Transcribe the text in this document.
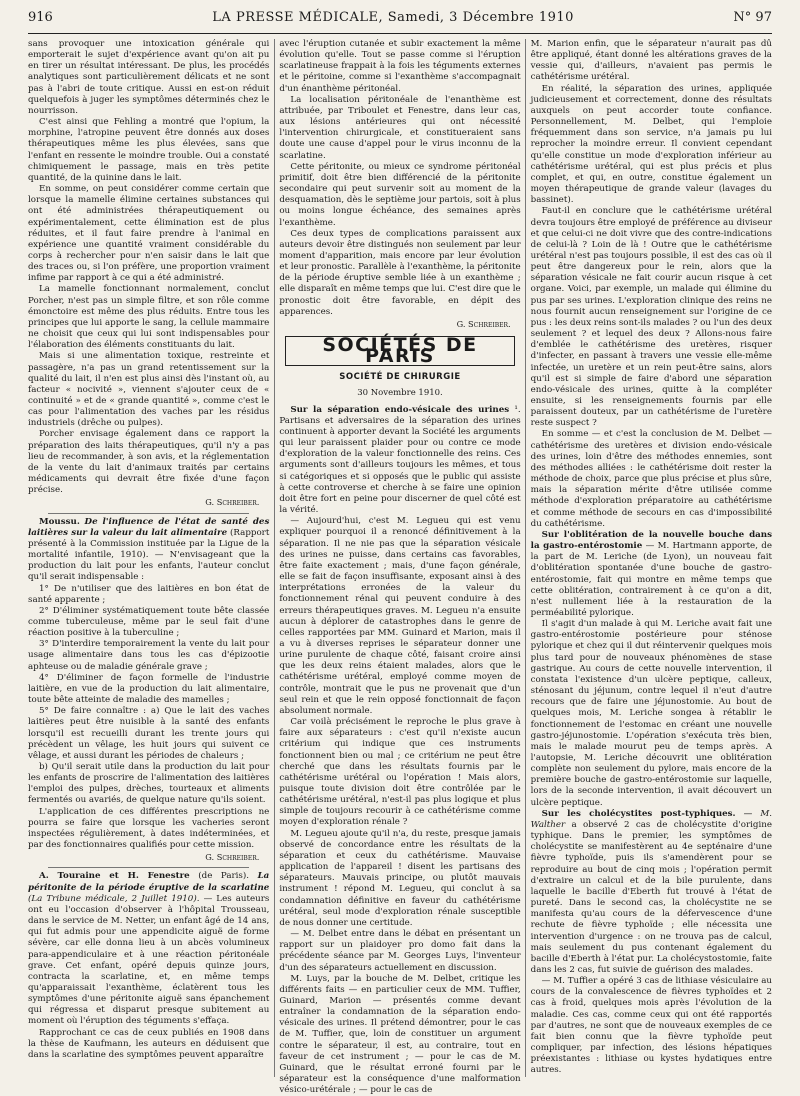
916	LA PRESSE MÉDICALE, Samedi, 3 Décembre 1910	N° 97

sans provoquer une intoxication générale qui emporterait le sujet d'expérience avant qu'on ait pu en tirer un résultat intéressant. De plus, les procédés analytiques sont particulièrement délicats et ne sont pas à l'abri de toute critique. Aussi en est-on réduit quelquefois à juger les symptômes déterminés chez le nourrisson.

C'est ainsi que Fehling a montré que l'opium, la morphine, l'atropine peuvent être donnés aux doses thérapeutiques même les plus élevées, sans que l'enfant en ressente le moindre trouble. Oui a constaté chimiquement le passage, mais en très petite quantité, de la quinine dans le lait.

En somme, on peut considérer comme certain que lorsque la mamelle élimine certaines substances qui ont été administrées thérapeutiquement ou expérimentalement, cette élimination est de plus réduites, et il faut faire prendre à l'animal en expérience une quantité vraiment considérable du corps à rechercher pour n'en saisir dans le lait que des traces ou, si l'on préfère, une proportion vraiment infime par rapport à ce qui a été administré.

La mamelle fonctionnant normalement, conclut Porcher, n'est pas un simple filtre, et son rôle comme émonctoire est même des plus réduits. Entre tous les principes que lui apporte le sang, la cellule mammaire ne choisit que ceux qui lui sont indispensables pour l'élaboration des éléments constituants du lait.

Mais si une alimentation toxique, restreinte et passagère, n'a pas un grand retentissement sur la qualité du lait, il n'en est plus ainsi dès l'instant où, au facteur « nocivité », viennent s'ajouter ceux de « continuité » et de « grande quantité », comme c'est le cas pour l'alimentation des vaches par les résidus industriels (drêche ou pulpes).

Porcher envisage également dans ce rapport la préparation des laits thérapeutiques, qu'il n'y a pas lieu de recommander, à son avis, et la réglementation de la vente du lait d'animaux traités par certains médicaments qui devrait être fixée d'une façon précise.

G. Schreiber.

Moussu. De l'influence de l'état de santé des laitières sur la valeur du lait alimentaire (Rapport présenté à la Commission instituée par la Ligue de la mortalité infantile, 1910). — N'envisageant que la production du lait pour les enfants, l'auteur conclut qu'il serait indispensable :

1° De n'utiliser que des laitières en bon état de santé apparente ;

2° D'éliminer systématiquement toute bête classée comme tuberculeuse, même par le seul fait d'une réaction positive à la tuberculine ;

3° D'interdire temporairement la vente du lait pour usage alimentaire dans tous les cas d'épizootie aphteuse ou de maladie générale grave ;

4° D'éliminer de façon formelle de l'industrie laitière, en vue de la production du lait alimentaire, toute bête atteinte de maladie des mamelles ;

5° De faire connaître : a) Que le lait des vaches laitières peut être nuisible à la santé des enfants lorsqu'il est recueilli durant les trente jours qui précèdent un vêlage, les huit jours qui suivent ce vêlage, et aussi durant les périodes de chaleurs ;

b) Qu'il serait utile dans la production du lait pour les enfants de proscrire de l'alimentation des laitières l'emploi des pulpes, drèches, tourteaux et aliments fermentés ou avariés, de quelque nature qu'ils soient.

L'application de ces différentes prescriptions ne pourra se faire que lorsque les vacheries seront inspectées régulièrement, à dates indéterminées, et par des fonctionnaires qualifiés pour cette mission.

G. Schreiber.

A. Touraine et H. Fenestre (de Paris). La péritonite de la période éruptive de la scarlatine (La Tribune médicale, 2 Juillet 1910). — Les auteurs ont eu l'occasion d'observer à l'hôpital Trousseau, dans le service de M. Netter, un enfant âgé de 14 ans, qui fut admis pour une appendicite aiguë de forme sévère, car elle donna lieu à un abcès volumineux para-appendiculaire et à une réaction péritonéale grave. Cet enfant, opéré depuis quinze jours, contracta la scarlatine, et, en même temps qu'apparaissait l'exanthème, éclatèrent tous les symptômes d'une péritonite aiguë sans épanchement qui régressa et disparut presque subitement au moment où l'éruption des téguments s'effaça.

Rapprochant ce cas de ceux publiés en 1908 dans la thèse de Kaufmann, les auteurs en déduisent que dans la scarlatine des symptômes peuvent apparaître

avec l'éruption cutanée et subir exactement la même évolution qu'elle. Tout se passe comme si l'éruption scarlatineuse frappait à la fois les téguments externes et le péritoine, comme si l'exanthème s'accompagnait d'un énanthème péritonéal.

La localisation péritonéale de l'enanthème est attribuée, par Triboulet et Fenestre, dans leur cas, aux lésions antérieures qui ont nécessité l'intervention chirurgicale, et constitueraient sans doute une cause d'appel pour le virus inconnu de la scarlatine.

Cette péritonite, ou mieux ce syndrome péritonéal primitif, doit être bien différencié de la péritonite secondaire qui peut survenir soit au moment de la desquamation, dès le septième jour partois, soit à plus ou moins longue échéance, des semaines après l'exanthème.

Ces deux types de complications paraissent aux auteurs devoir être distingués non seulement par leur moment d'apparition, mais encore par leur évolution et leur pronostic. Parallèle à l'exanthème, la péritonite de la période éruptive semble liée à un exanthème ; elle disparaît en même temps que lui. C'est dire que le pronostic doit être favorable, en dépit des apparences.

G. Schreiber.
SOCIÉTÉS DE PARIS
SOCIÉTÉ DE CHIRURGIE
30 Novembre 1910.

Sur la séparation endo-vésicale des urines ¹. Partisans et adversaires de la séparation des urines continuent à apporter devant la Société les arguments qui leur paraissent plaider pour ou contre ce mode d'exploration de la valeur fonctionnelle des reins. Ces arguments sont d'ailleurs toujours les mêmes, et tous si catégoriques et si opposés que le public qui assiste à cette controverse et cherche à se faire une opinion doit être fort en peine pour discerner de quel côté est la vérité.

— Aujourd'hui, c'est M. Legueu qui est venu expliquer pourquoi il a renoncé définitivement à la séparation. Il ne nie pas que la séparation vésicale des urines ne puisse, dans certains cas favorables, être faite exactement ; mais, d'une façon générale, elle se fait de façon insuffisante, exposant ainsi à des interprétations erronées de la valeur du fonctionnement rénal qui peuvent conduire à des erreurs thérapeutiques graves. M. Legueu n'a ensuite aucun à déplorer de catastrophes dans le genre de celles rapportées par MM. Guinard et Marion, mais il a vu à diverses reprises le séparateur donner une urine purulente de chaque côté, faisant croire ainsi que les deux reins étaient malades, alors que le cathétérisme urétéral, employé comme moyen de contrôle, montrait que le pus ne provenait que d'un seul rein et que le rein opposé fonctionnait de façon absolument normale.

Car voilà précisément le reproche le plus grave à faire aux séparateurs : c'est qu'il n'existe aucun critérium qui indique que ces instruments fonctionnent bien ou mal ; ce critérium ne peut être cherché que dans les résultats fournis par le cathétérisme urétéral ou l'opération ! Mais alors, puisque toute division doit être contrôlée par le cathétérisme urétéral, n'est-il pas plus logique et plus simple de toujours recourir à ce cathétérisme comme moyen d'exploration rénale ?

M. Legueu ajoute qu'il n'a, du reste, presque jamais observé de concordance entre les résultats de la séparation et ceux du cathétérisme. Mauvaise application de l'appareil ! disent les partisans des séparateurs. Mauvais principe, ou plutôt mauvais instrument ! répond M. Legueu, qui conclut à sa condamnation définitive en faveur du cathétérisme urétéral, seul mode d'exploration rénale susceptible de nous donner une certitude.

— M. Delbet entre dans le débat en présentant un rapport sur un plaidoyer pro domo fait dans la précédente séance par M. Georges Luys, l'inventeur d'un des séparateurs actuellement en discussion.

M. Luys, par la bouche de M. Delbet, critique les différents faits — en particulier ceux de MM. Tuffier, Guinard, Marion — présentés comme devant entraîner la condamnation de la séparation endo-vésicale des urines. Il prétend démontrer, pour le cas de M. Tuffier, que, loin de constituer un argument contre le séparateur, il est, au contraire, tout en faveur de cet instrument ; — pour le cas de M. Guinard, que le résultat erroné fourni par le séparateur est la conséquence d'une malformation vésico-urétérale ; — pour le cas de

M. Marion enfin, que le séparateur n'aurait pas dû être appliqué, étant donné les altérations graves de la vessie qui, d'ailleurs, n'avaient pas permis le cathétérisme urétéral.

En réalité, la séparation des urines, appliquée judicieusement et correctement, donne des résultats auxquels on peut accorder toute confiance. Personnellement, M. Delbet, qui l'emploie fréquemment dans son service, n'a jamais pu lui reprocher la moindre erreur. Il convient cependant qu'elle constitue un mode d'exploration inférieur au cathétérisme urétéral, qui est plus précis et plus complet, et qui, en outre, constitue également un moyen thérapeutique de grande valeur (lavages du bassinet).

Faut-il en conclure que le cathétérisme urétéral devra toujours être employé de préférence au diviseur et que celui-ci ne doit vivre que des contre-indications de celui-là ? Loin de là ! Outre que le cathétérisme urétéral n'est pas toujours possible, il est des cas où il peut être dangereux pour le rein, alors que la séparation vésicale ne fait courir aucun risque à cet organe. Voici, par exemple, un malade qui élimine du pus par ses urines. L'exploration clinique des reins ne nous fournit aucun renseignement sur l'origine de ce pus : les deux reins sont-ils malades ? ou l'un des deux seulement ? et lequel des deux ? Allons-nous faire d'emblée le cathétérisme des uretères, risquer d'infecter, en passant à travers une vessie elle-même infectée, un uretère et un rein peut-être sains, alors qu'il est si simple de faire d'abord une séparation endo-vésicale des urines, quitte à la compléter ensuite, si les renseignements fournis par elle paraissent douteux, par un cathétérisme de l'uretère reste suspect ?

En somme — et c'est la conclusion de M. Delbet — cathétérisme des uretères et division endo-vésicale des urines, loin d'être des méthodes ennemies, sont des méthodes alliées : le cathétérisme doit rester la méthode de choix, parce que plus précise et plus sûre, mais la séparation mérite d'être utilisée comme méthode d'exploration préparatoire au cathétérisme et comme méthode de secours en cas d'impossibilité du cathétérisme.

Sur l'oblitération de la nouvelle bouche dans la gastro-entérostomie — M. Hartmann apporte, de la part de M. Leriche (de Lyon), un nouveau fait d'oblitération spontanée d'une bouche de gastro-entérostomie, fait qui montre en même temps que cette oblitération, contrairement à ce qu'on a dit, n'est nullement liée à la restauration de la perméabilité pylorique.

Il s'agit d'un malade à qui M. Leriche avait fait une gastro-entérostomie postérieure pour sténose pylorique et chez qui il dut réintervenir quelques mois plus tard pour de nouveaux phénomènes de stase gastrique. Au cours de cette nouvelle intervention, il constata l'existence d'un ulcère peptique, calleux, sténosant du jéjunum, contre lequel il n'eut d'autre recours que de faire une jéjunostomie. Au bout de quelques mois, M. Leriche songea à rétablir le fonctionnement de l'estomac en créant une nouvelle gastro-jéjunostomie. L'opération s'exécuta très bien, mais le malade mourut peu de temps après. A l'autopsie, M. Leriche découvrit une oblitération complète non seulement du pylore, mais encore de la première bouche de gastro-entérostomie sur laquelle, lors de la seconde intervention, il avait découvert un ulcère peptique.

Sur les cholécystites post-typhiques. — M. Walther a observé 2 cas de cholécystite d'origine typhique. Dans le premier, les symptômes de cholécystite se manifestèrent au 4e septénaire d'une fièvre typhoïde, puis ils s'amendèrent pour se reproduire au bout de cinq mois ; l'opération permit d'extraire un calcul et de la bile purulente, dans laquelle le bacille d'Eberth fut trouvé à l'état de pureté. Dans le second cas, la cholécystite ne se manifesta qu'au cours de la défervescence d'une rechute de fièvre typhoïde ; elle nécessita une intervention d'urgence : on ne trouva pas de calcul, mais seulement du pus contenant également du bacille d'Eberth à l'état pur. La cholécystostomie, faite dans les 2 cas, fut suivie de guérison des malades.

— M. Tuffier a opéré 3 cas de lithiase vésiculaire au cours de la convalescence de fièvres typhoïdes et 2 cas à froid, quelques mois après l'évolution de la maladie. Ces cas, comme ceux qui ont été rapportés par d'autres, ne sont que de nouveaux exemples de ce fait bien connu que la fièvre typhoïde peut compliquer, par infection, des lésions hépatiques préexistantes : lithiase ou kystes hydatiques entre autres.
